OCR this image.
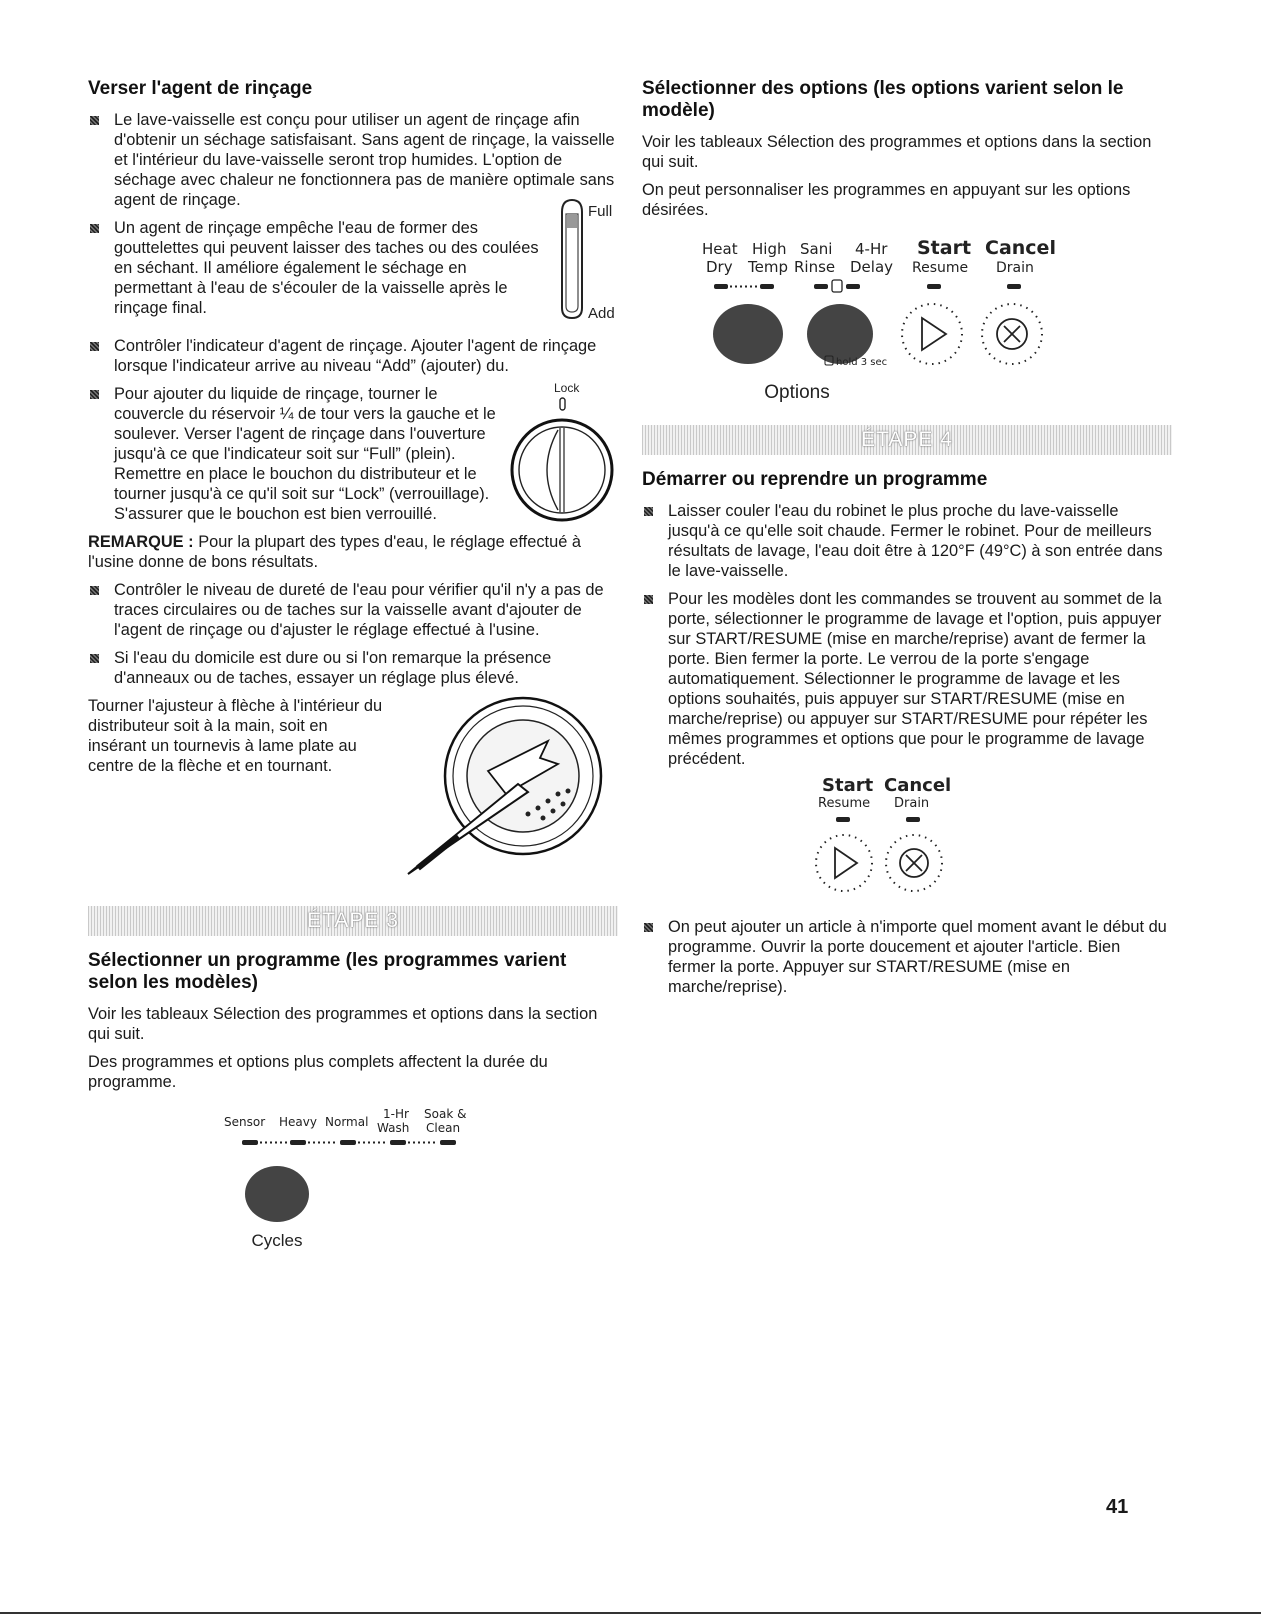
Verser l'agent de rinçage
Le lave-vaisselle est conçu pour utiliser un agent de rinçage afin d'obtenir un séchage satisfaisant. Sans agent de rinçage, la vaisselle et l'intérieur du lave-vaisselle seront trop humides. L'option de séchage avec chaleur ne fonctionnera pas de manière optimale sans agent de rinçage.
Full
Add
Un agent de rinçage empêche l'eau de former des gouttelettes qui peuvent laisser des taches ou des coulées en séchant. Il améliore également le séchage en permettant à l'eau de s'écouler de la vaisselle après le rinçage final.
Contrôler l'indicateur d'agent de rinçage. Ajouter l'agent de rinçage lorsque l'indicateur arrive au niveau “Add” (ajouter) du.
Lock
Pour ajouter du liquide de rinçage, tourner le couvercle du réservoir ¼ de tour vers la gauche et le soulever. Verser l'agent de rinçage dans l'ouverture jusqu'à ce que l'indicateur soit sur “Full” (plein). Remettre en place le bouchon du distributeur et le tourner jusqu'à ce qu'il soit sur “Lock” (verrouillage). S'assurer que le bouchon est bien verrouillé.

REMARQUE : Pour la plupart des types d'eau, le réglage effectué à l'usine donne de bons résultats.

Contrôler le niveau de dureté de l'eau pour vérifier qu'il n'y a pas de traces circulaires ou de taches sur la vaisselle avant d'ajouter de l'agent de rinçage ou d'ajuster le réglage effectué à l'usine.
Si l'eau du domicile est dure ou si l'on remarque la présence d'anneaux ou de taches, essayer un réglage plus élevé.

Tourner l'ajusteur à flèche à l'intérieur du distributeur soit à la main, soit en insérant un tournevis à lame plate au centre de la flèche et en tournant.

ÉTAPE 3
Sélectionner un programme (les programmes varient selon les modèles)

Voir les tableaux Sélection des programmes et options dans la section qui suit.

Des programmes et options plus complets affectent la durée du programme.

Sensor Heavy Normal
1-Hr
Wash
Soak &
Clean
Cycles
Sélectionner des options (les options varient selon le modèle)

Voir les tableaux Sélection des programmes et options dans la section qui suit.

On peut personnaliser les programmes en appuyant sur les options désirées.

Heat
Dry
High
Temp
Sani
Rinse
4-Hr
Delay
Start
Resume
Cancel
Drain
hold 3 sec
Options
ÉTAPE 4
Démarrer ou reprendre un programme
Laisser couler l'eau du robinet le plus proche du lave-vaisselle jusqu'à ce qu'elle soit chaude. Fermer le robinet. Pour de meilleurs résultats de lavage, l'eau doit être à 120°F (49°C) à son entrée dans le lave-vaisselle.
Pour les modèles dont les commandes se trouvent au sommet de la porte, sélectionner le programme de lavage et l'option, puis appuyer sur START/RESUME (mise en marche/reprise) avant de fermer la porte. Bien fermer la porte. Le verrou de la porte s'engage automatiquement. Sélectionner le programme de lavage et les options souhaités, puis appuyer sur START/RESUME (mise en marche/reprise) ou appuyer sur START/RESUME pour répéter les mêmes programmes et options que pour le programme de lavage précédent.
Start
Resume
Cancel
Drain
On peut ajouter un article à n'importe quel moment avant le début du programme. Ouvrir la porte doucement et ajouter l'article. Bien fermer la porte. Appuyer sur START/RESUME (mise en marche/reprise).
41
